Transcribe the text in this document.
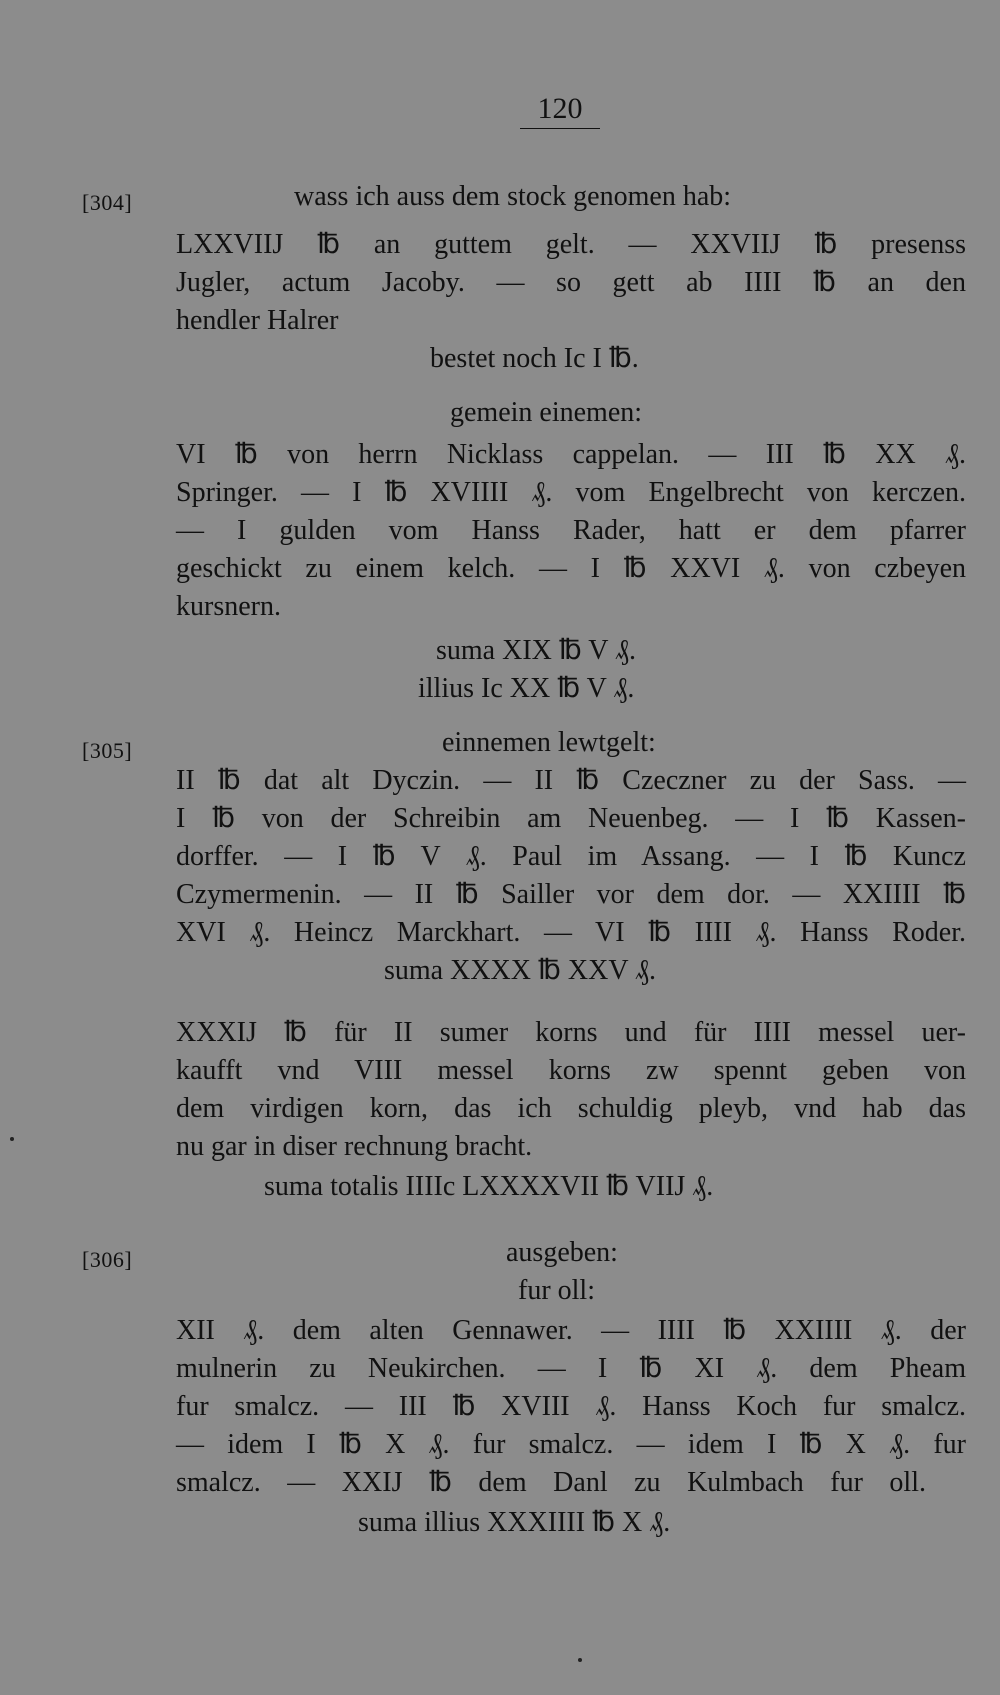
120
[304]
[305]
[306]
wass ich auss dem stock genomen hab:
LXXVIIJ ℔ an guttem gelt. — XXVIIJ ℔ presenss
Jugler, actum Jacoby. — so gett ab IIII ℔ an den
hendler Halrer
bestet noch Ic I ℔.
gemein einemen:
VI ℔ von herrn Nicklass cappelan. — III ℔ XX ₰.
Springer. — I ℔ XVIIII ₰. vom Engelbrecht von kerczen.
— I gulden vom Hanss Rader, hatt er dem pfarrer
geschickt zu einem kelch. — I ℔ XXVI ₰. von czbeyen
kursnern.
suma XIX ℔ V ₰.
illius Ic XX ℔ V ₰.
einnemen lewtgelt:
II ℔ dat alt Dyczin. — II ℔ Czeczner zu der Sass. —
I ℔ von der Schreibin am Neuenbeg. — I ℔ Kassen-
dorffer. — I ℔ V ₰. Paul im Assang. — I ℔ Kuncz
Czymermenin. — II ℔ Sailler vor dem dor. — XXIIII ℔
XVI ₰. Heincz Marckhart. — VI ℔ IIII ₰. Hanss Roder.
suma XXXX ℔ XXV ₰.
XXXIJ ℔ für II sumer korns und für IIII messel uer-
kaufft vnd VIII messel korns zw spennt geben von
dem virdigen korn, das ich schuldig pleyb, vnd hab das
nu gar in diser rechnung bracht.
suma totalis IIIIc LXXXXVII ℔ VIIJ ₰.
ausgeben:
fur oll:
XII ₰. dem alten Gennawer. — IIII ℔ XXIIII ₰. der
mulnerin zu Neukirchen. — I ℔ XI ₰. dem Pheam
fur smalcz. — III ℔ XVIII ₰. Hanss Koch fur smalcz.
— idem I ℔ X ₰. fur smalcz. — idem I ℔ X ₰. fur
smalcz. — XXIJ ℔ dem Danl zu Kulmbach fur oll.
suma illius XXXIIII ℔ X ₰.
